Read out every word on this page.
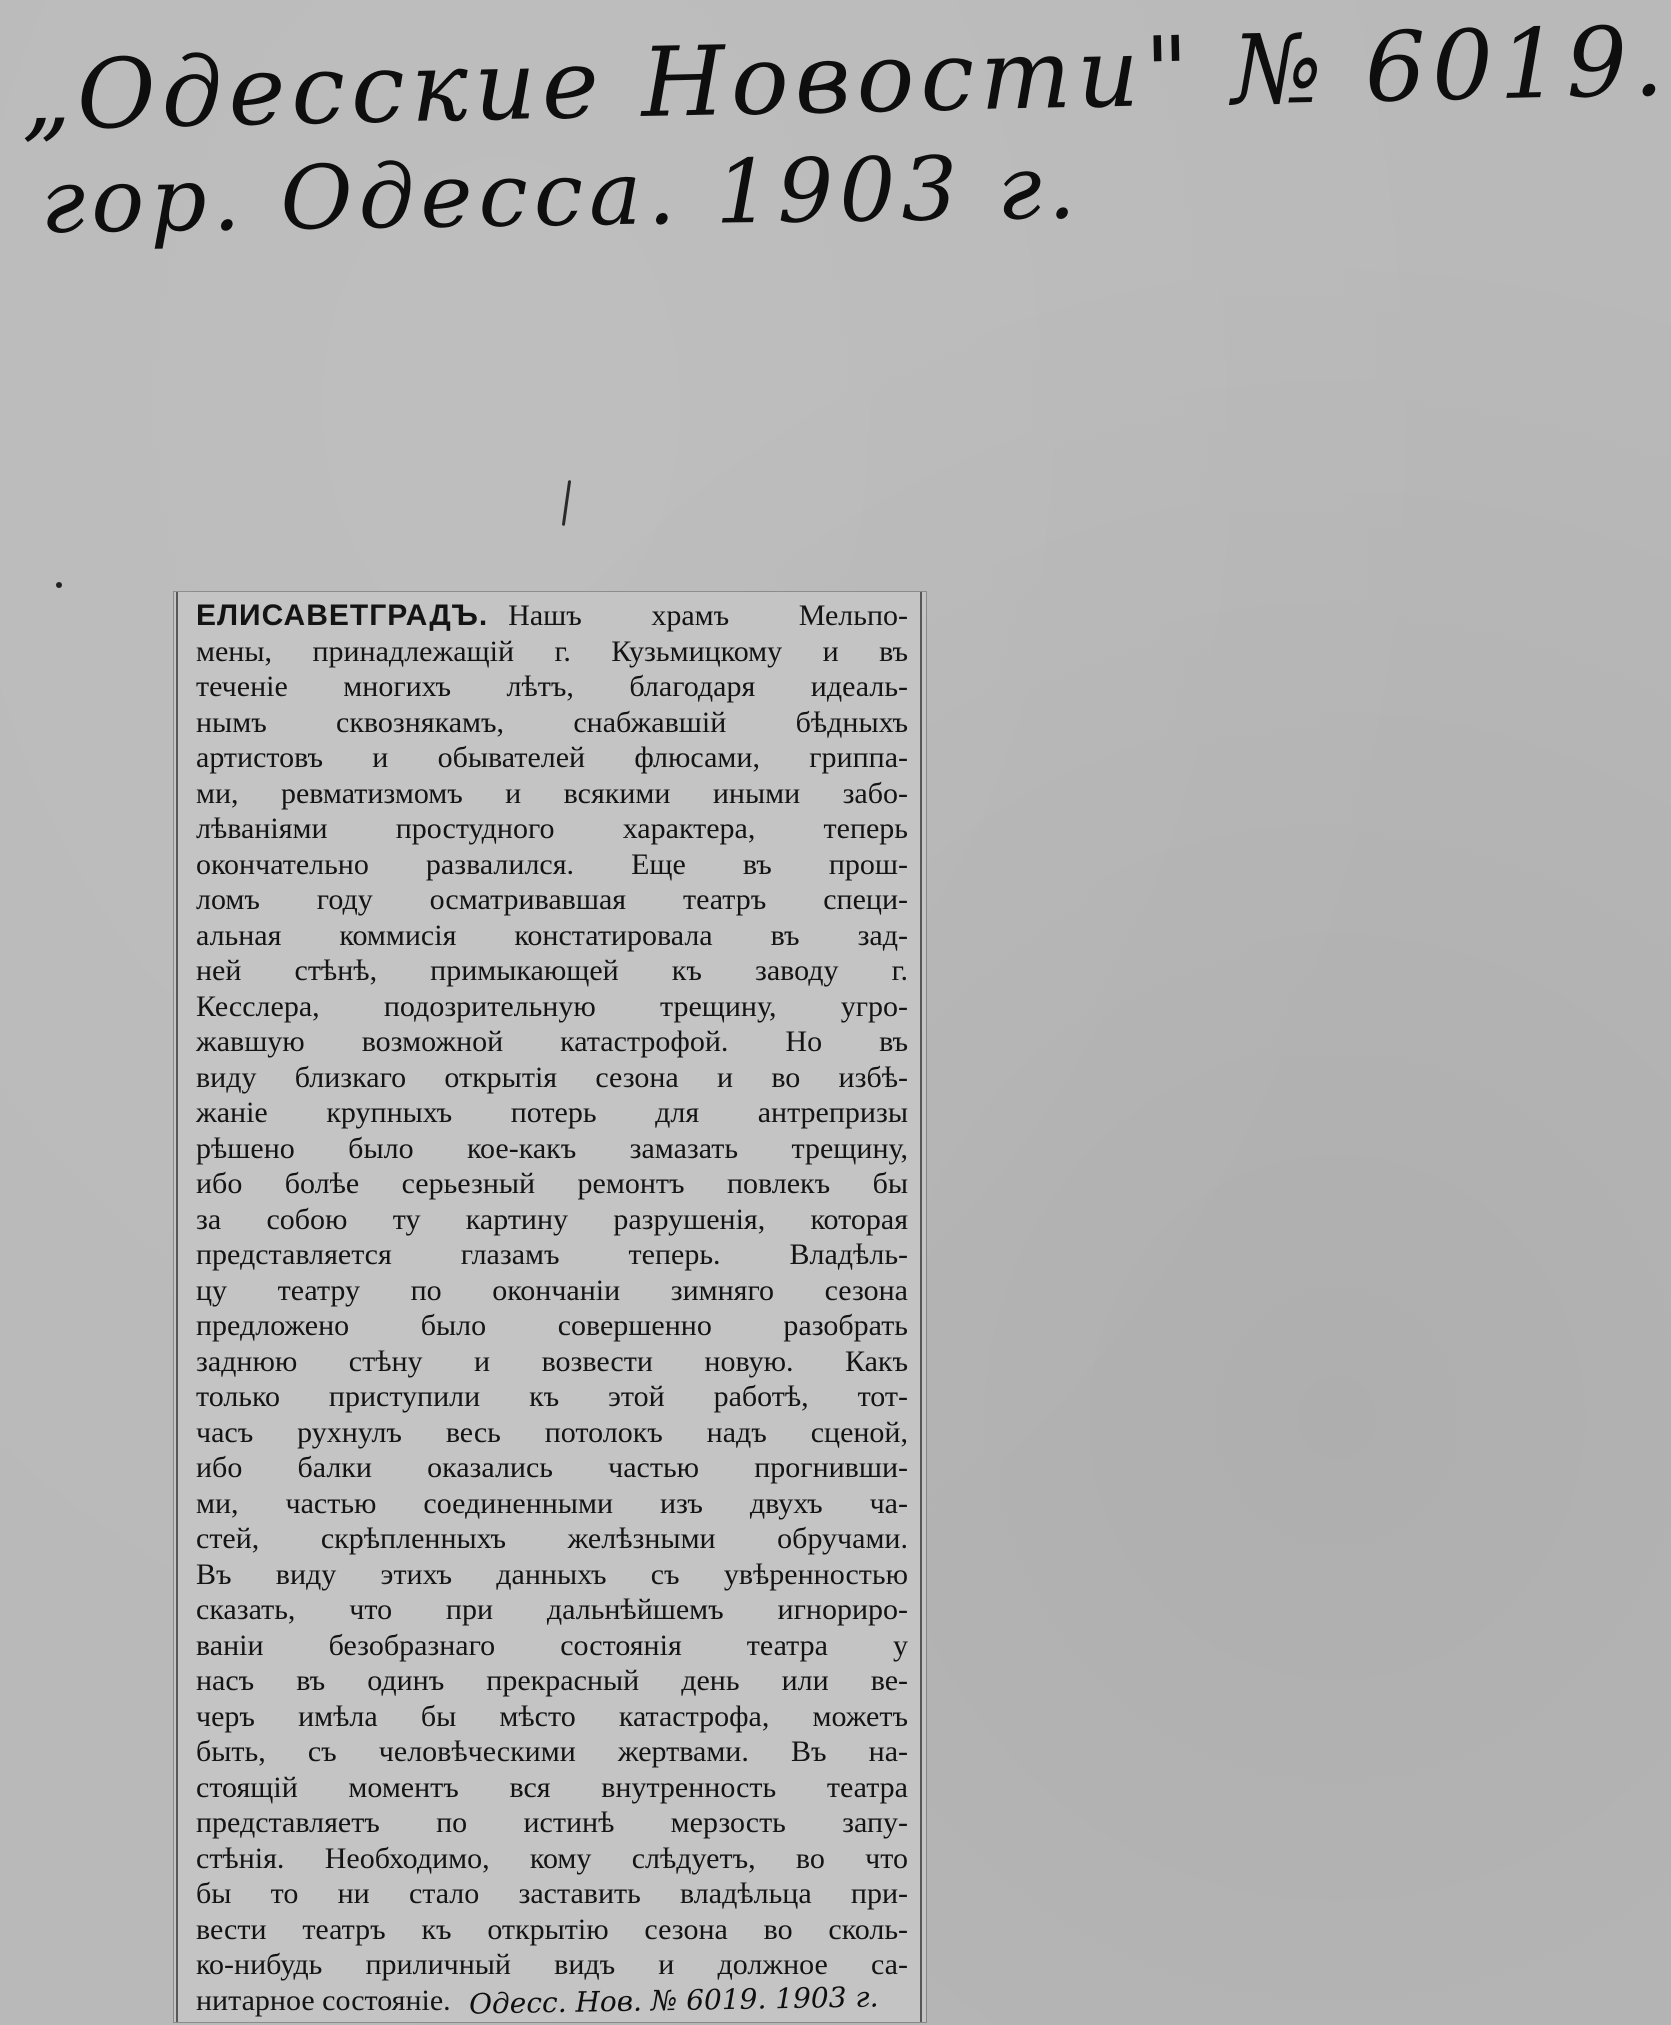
„Одесские Новости" № 6019.
гор. Одесса. 1903 г.
ЕЛИСАВЕТГРАДЪ. Нашъ храмъ Мельпо-
мены, принадлежащiй г. Кузьмицкому и въ
теченiе многихъ лѣтъ, благодаря идеаль-
нымъ сквознякамъ, снабжавшiй бѣдныхъ
артистовъ и обывателей флюсами, гриппа-
ми, ревматизмомъ и всякими иными забо-
лѣванiями простудного характера, теперь
окончательно развалился. Еще въ прош-
ломъ году осматривавшая театръ специ-
альная коммисiя констатировала въ зад-
ней стѣнѣ, примыкающей къ заводу г.
Кесслера, подозрительную трещину, угро-
жавшую возможной катастрофой. Но въ
виду близкаго открытiя сезона и во избѣ-
жанiе крупныхъ потерь для антрепризы
рѣшено было кое-какъ замазать трещину,
ибо болѣе серьезный ремонтъ повлекъ бы
за собою ту картину разрушенiя, которая
представляется глазамъ теперь. Владѣль-
цу театру по окончанiи зимняго сезона
предложено было совершенно разобрать
заднюю стѣну и возвести новую. Какъ
только приступили къ этой работѣ, тот-
часъ рухнулъ весь потолокъ надъ сценой,
ибо балки оказались частью прогнивши-
ми, частью соединенными изъ двухъ ча-
стей, скрѣпленныхъ желѣзными обручами.
Въ виду этихъ данныхъ съ увѣренностью
сказать, что при дальнѣйшемъ игнориро-
ванiи безобразнаго состоянiя театра у
насъ въ одинъ прекрасный день или ве-
черъ имѣла бы мѣсто катастрофа, можетъ
быть, съ человѣческими жертвами. Въ на-
стоящiй моментъ вся внутренность театра
представляетъ по истинѣ мерзость запу-
стѣнiя. Необходимо, кому слѣдуетъ, во что
бы то ни стало заставить владѣльца при-
вести театръ къ открытiю сезона во сколь-
ко-нибудь приличный видъ и должное са-
нитарное состоянiе. Одесс. Нов. № 6019. 1903 г.
